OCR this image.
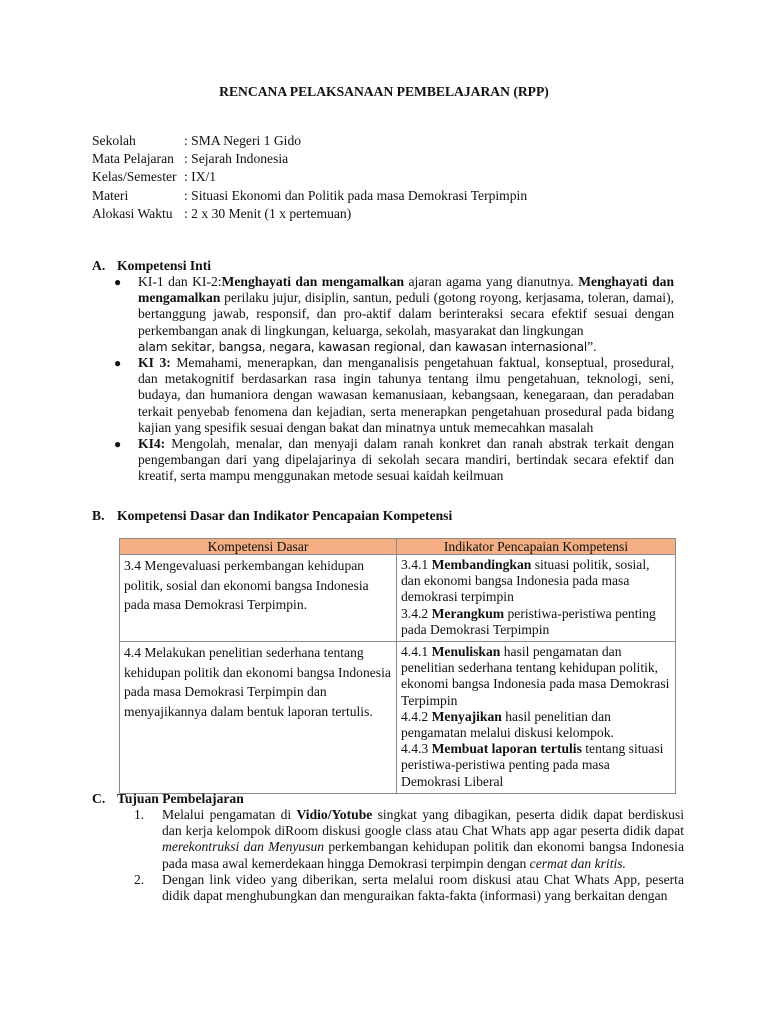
RENCANA PELAKSANAAN PEMBELAJARAN (RPP)
Sekolah	: SMA Negeri 1 Gido
Mata Pelajaran : Sejarah Indonesia
Kelas/Semester : IX/1
Materi	: Situasi Ekonomi dan Politik pada masa Demokrasi Terpimpin
Alokasi Waktu : 2 x 30 Menit (1 x pertemuan)
A. Kompetensi Inti
●	KI-1 dan KI-2:Menghayati dan mengamalkan ajaran agama yang dianutnya. Menghayati dan mengamalkan perilaku jujur, disiplin, santun, peduli (gotong royong, kerjasama, toleran, damai), bertanggung jawab, responsif, dan pro-aktif dalam berinteraksi secara efektif sesuai dengan perkembangan anak di lingkungan, keluarga, sekolah, masyarakat dan lingkungan
alam sekitar, bangsa, negara, kawasan regional, dan kawasan internasional”.
●	KI 3: Memahami, menerapkan, dan menganalisis pengetahuan faktual, konseptual, prosedural, dan metakognitif berdasarkan rasa ingin tahunya tentang ilmu pengetahuan, teknologi, seni, budaya, dan humaniora dengan wawasan kemanusiaan, kebangsaan, kenegaraan, dan peradaban terkait penyebab fenomena dan kejadian, serta menerapkan pengetahuan prosedural pada bidang kajian yang spesifik sesuai dengan bakat dan minatnya untuk memecahkan masalah
●	KI4: Mengolah, menalar, dan menyaji dalam ranah konkret dan ranah abstrak terkait dengan pengembangan dari yang dipelajarinya di sekolah secara mandiri, bertindak secara efektif dan kreatif, serta mampu menggunakan metode sesuai kaidah keilmuan
B. Kompetensi Dasar dan Indikator Pencapaian Kompetensi
Kompetensi Dasar	Indikator Pencapaian Kompetensi
3.4 Mengevaluasi perkembangan kehidupan politik, sosial dan ekonomi bangsa Indonesia pada masa Demokrasi Terpimpin.	3.4.1 Membandingkan situasi politik, sosial, dan ekonomi bangsa Indonesia pada masa demokrasi terpimpin
3.4.2 Merangkum peristiwa-peristiwa penting pada Demokrasi Terpimpin

4.4 Melakukan penelitian sederhana tentang kehidupan politik dan ekonomi bangsa Indonesia pada masa Demokrasi Terpimpin dan menyajikannya dalam bentuk laporan tertulis.	4.4.1 Menuliskan hasil pengamatan dan penelitian sederhana tentang kehidupan politik, ekonomi bangsa Indonesia pada masa Demokrasi Terpimpin
4.4.2 Menyajikan hasil penelitian dan pengamatan melalui diskusi kelompok.
4.4.3 Membuat laporan tertulis tentang situasi peristiwa-peristiwa penting pada masa Demokrasi Liberal
C. Tujuan Pembelajaran
1.	Melalui pengamatan di Vidio/Yotube singkat yang dibagikan, peserta didik dapat berdiskusi dan kerja kelompok diRoom diskusi google class atau Chat Whats app agar peserta didik dapat merekontruksi dan Menyusun perkembangan kehidupan politik dan ekonomi bangsa Indonesia pada masa awal kemerdekaan hingga Demokrasi terpimpin dengan cermat dan kritis.
2.	Dengan link video yang diberikan, serta melalui room diskusi atau Chat Whats App, peserta didik dapat menghubungkan dan menguraikan fakta-fakta (informasi) yang berkaitan dengan
